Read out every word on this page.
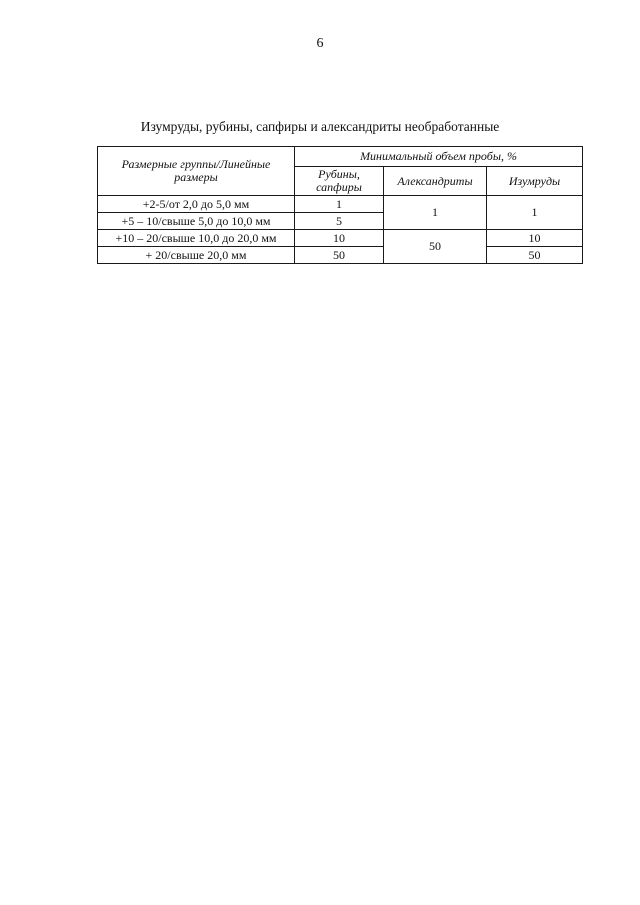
6
Изумруды, рубины, сапфиры и александриты необработанные
Размерные группы/Линейные размеры	Минимальный объем пробы, %		
	Рубины, сапфиры	Александриты	Изумруды
+2-5/от 2,0 до 5,0 мм	1	1	1
+5 – 10/свыше 5,0 до 10,0 мм	5		
+10 – 20/свыше 10,0 до 20,0 мм	10	50	10
+ 20/свыше 20,0 мм	50		50
